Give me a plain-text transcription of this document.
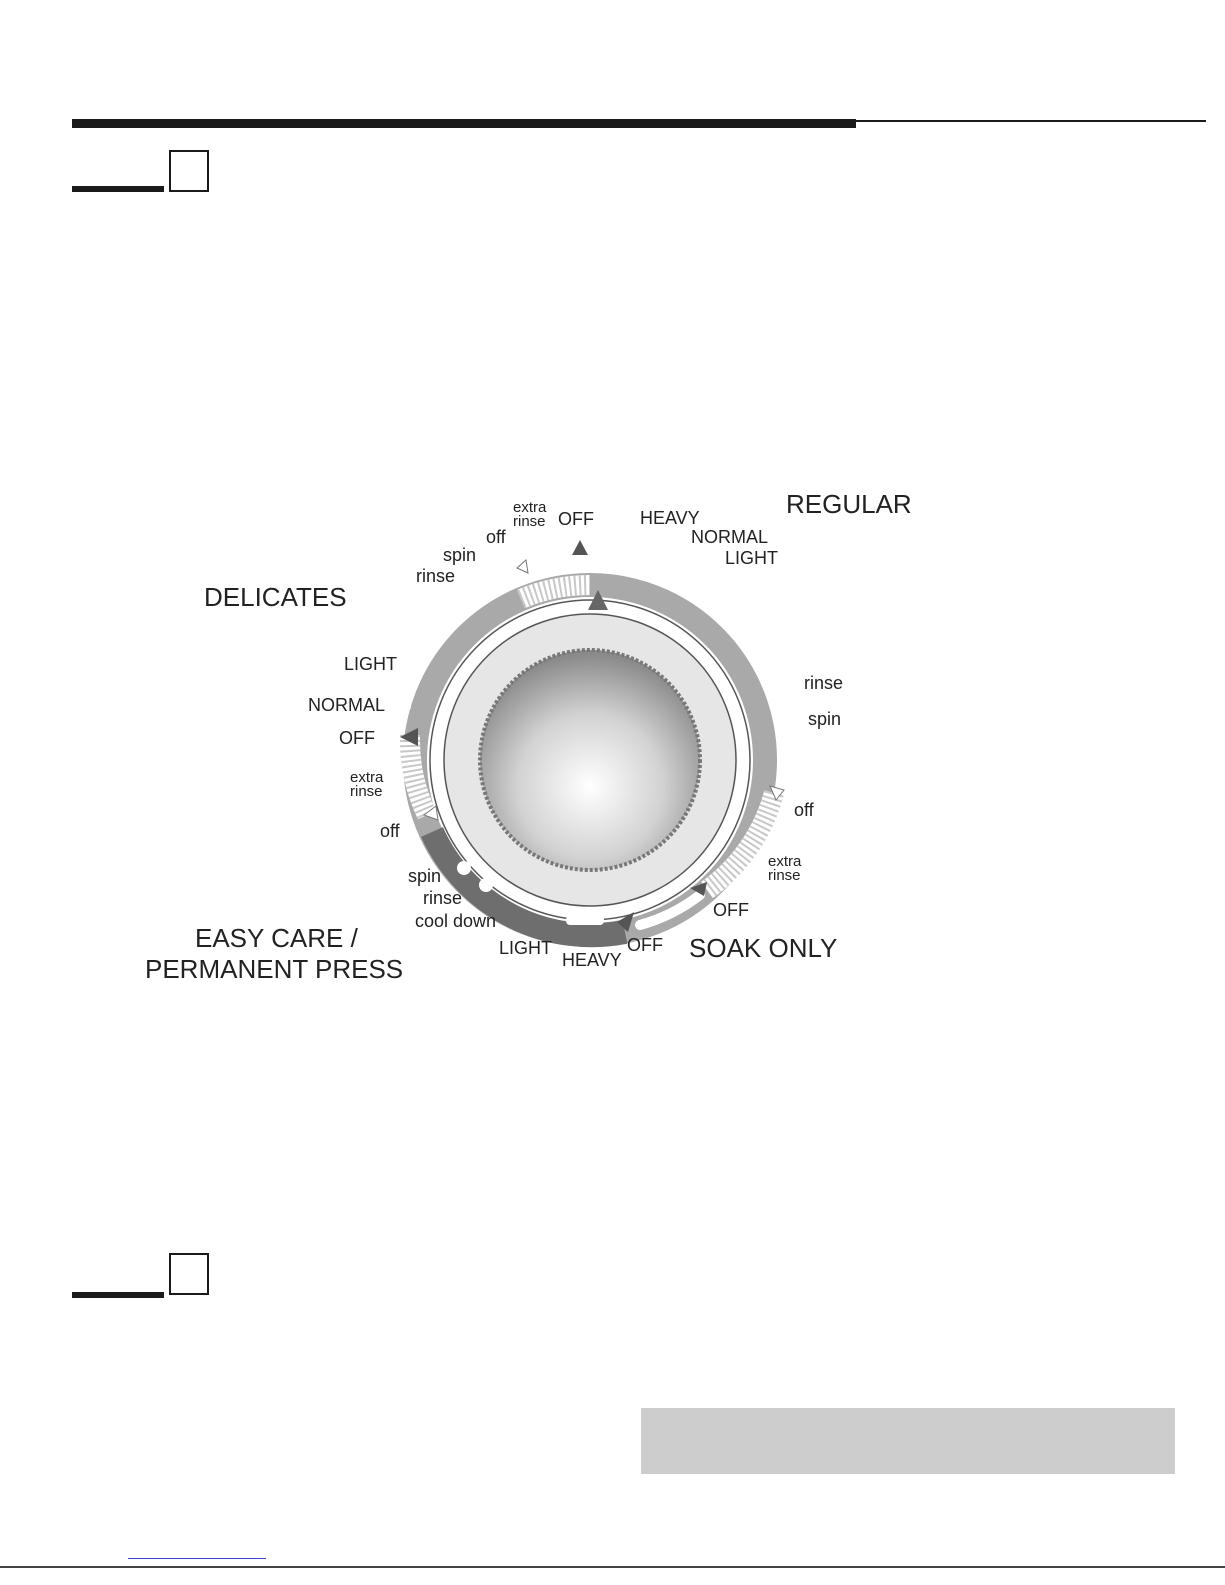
REGULAR
DELICATES
EASY CARE /
PERMANENT PRESS
SOAK ONLY
extra
rinse OFF	HEAVY
NORMAL
LIGHT
rinse
spin
off
extra
rinse
OFF
OFF
HEAVY
LIGHT
cool down
rinse
spin
off
extra
rinse
OFF
NORMAL
LIGHT
rinse
spin
off
